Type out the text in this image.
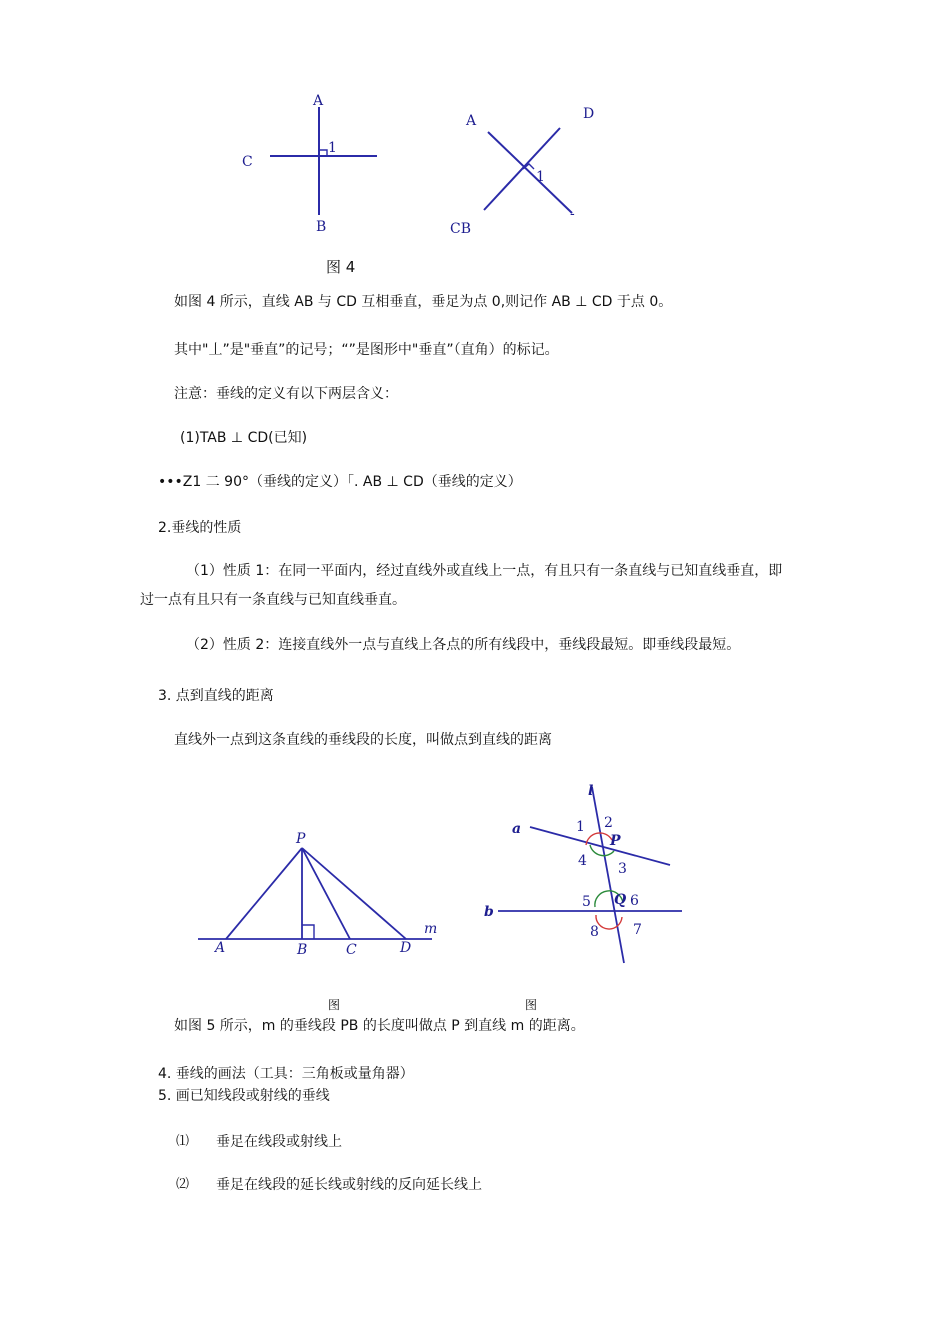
A
C
1
B
A	D
1
CB
-
图 4
如图 4 所示，直线 AB 与 CD 互相垂直，垂足为点 0,则记作 AB ⊥ CD 于点 0。
其中"丄”是"垂直”的记号；“”是图形中"垂直”（直角）的标记。
注意：垂线的定义有以下两层含义：
(1)TAB ⊥ CD(已知)
•••Z1 二 90°（垂线的定义）「. AB ⊥ CD（垂线的定义）
2.垂线的性质
（1）性质 1：在同一平面内，经过直线外或直线上一点，有且只有一条直线与已知直线垂直，即
过一点有且只有一条直线与已知直线垂直。
（2）性质 2：连接直线外一点与直线上各点的所有线段中，垂线段最短。即垂线段最短。
3. 点到直线的距离
直线外一点到这条直线的垂线段的长度，叫做点到直线的距离
P
A	B	C	D
m
l
a
b
1 2
P
4 3
5 Q 6
8 7
图	图
如图 5 所示，m 的垂线段 PB 的长度叫做点 P 到直线 m 的距离。
4. 垂线的画法（工具：三角板或量角器）
5. 画已知线段或射线的垂线
⑴ 垂足在线段或射线上
⑵ 垂足在线段的延长线或射线的反向延长线上
